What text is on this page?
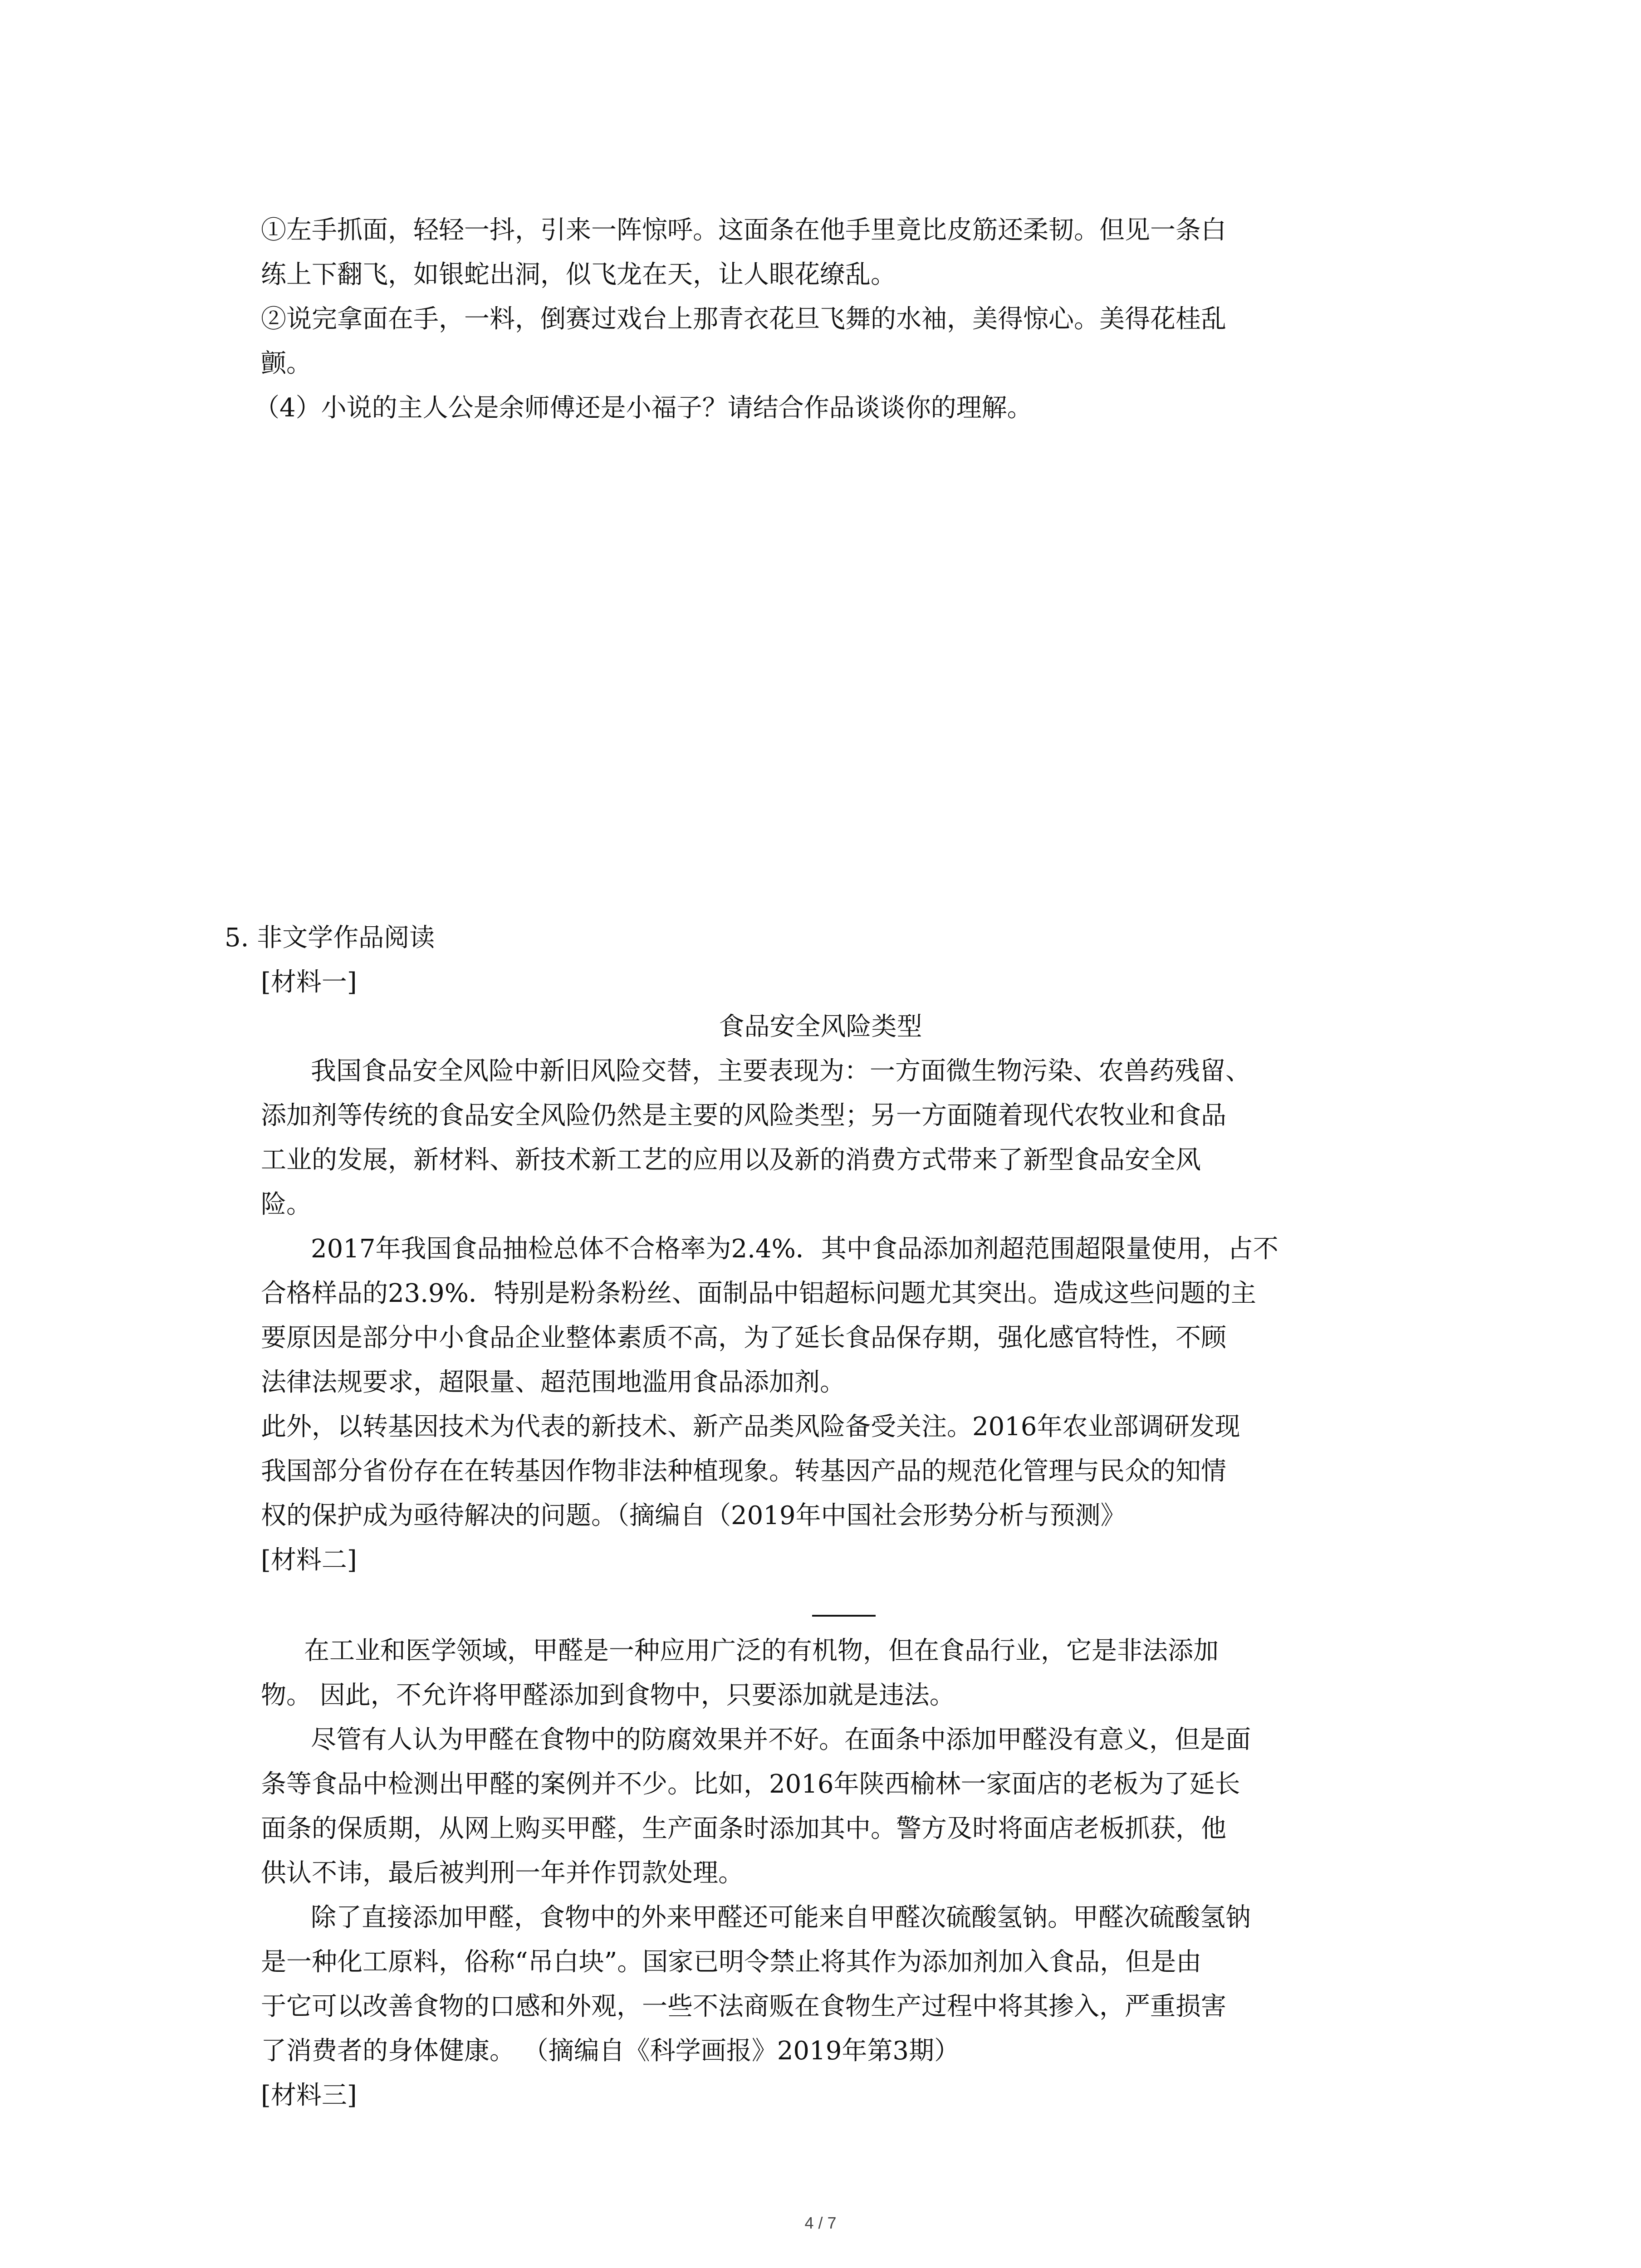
①左手抓面，轻轻一抖，引来一阵惊呼。这面条在他手里竟比皮筋还柔韧。但见一条白
练上下翻飞，如银蛇出洞，似飞龙在天，让人眼花缭乱。
②说完拿面在手，一料，倒赛过戏台上那青衣花旦飞舞的水袖，美得惊心。美得花桂乱
颤。
（4）小说的主人公是余师傅还是小福子？请结合作品谈谈你的理解。
5. 非文学作品阅读
[材料一]
食品安全风险类型
我国食品安全风险中新旧风险交替，主要表现为：一方面微生物污染、农兽药残留、
添加剂等传统的食品安全风险仍然是主要的风险类型；另一方面随着现代农牧业和食品
工业的发展，新材料、新技术新工艺的应用以及新的消费方式带来了新型食品安全风
险。
2017年我国食品抽检总体不合格率为2.4%．其中食品添加剂超范围超限量使用，占不
合格样品的23.9%．特别是粉条粉丝、面制品中铝超标问题尤其突出。造成这些问题的主
要原因是部分中小食品企业整体素质不高，为了延长食品保存期，强化感官特性，不顾
法律法规要求，超限量、超范围地滥用食品添加剂。
此外，以转基因技术为代表的新技术、新产品类风险备受关注。2016年农业部调研发现
我国部分省份存在在转基因作物非法种植现象。转基因产品的规范化管理与民众的知情
权的保护成为亟待解决的问题。（摘编自（2019年中国社会形势分析与预测》
[材料二]
在工业和医学领域，甲醛是一种应用广泛的有机物，但在食品行业，它是非法添加
物。 因此，不允许将甲醛添加到食物中，只要添加就是违法。
尽管有人认为甲醛在食物中的防腐效果并不好。在面条中添加甲醛没有意义，但是面
条等食品中检测出甲醛的案例并不少。比如，2016年陕西榆林一家面店的老板为了延长
面条的保质期，从网上购买甲醛，生产面条时添加其中。警方及时将面店老板抓获，他
供认不讳，最后被判刑一年并作罚款处理。
除了直接添加甲醛，食物中的外来甲醛还可能来自甲醛次硫酸氢钠。甲醛次硫酸氢钠
是一种化工原料，俗称“吊白块”。国家已明令禁止将其作为添加剂加入食品，但是由
于它可以改善食物的口感和外观，一些不法商贩在食物生产过程中将其掺入，严重损害
了消费者的身体健康。 （摘编自《科学画报》2019年第3期）
[材料三]
4 / 7
